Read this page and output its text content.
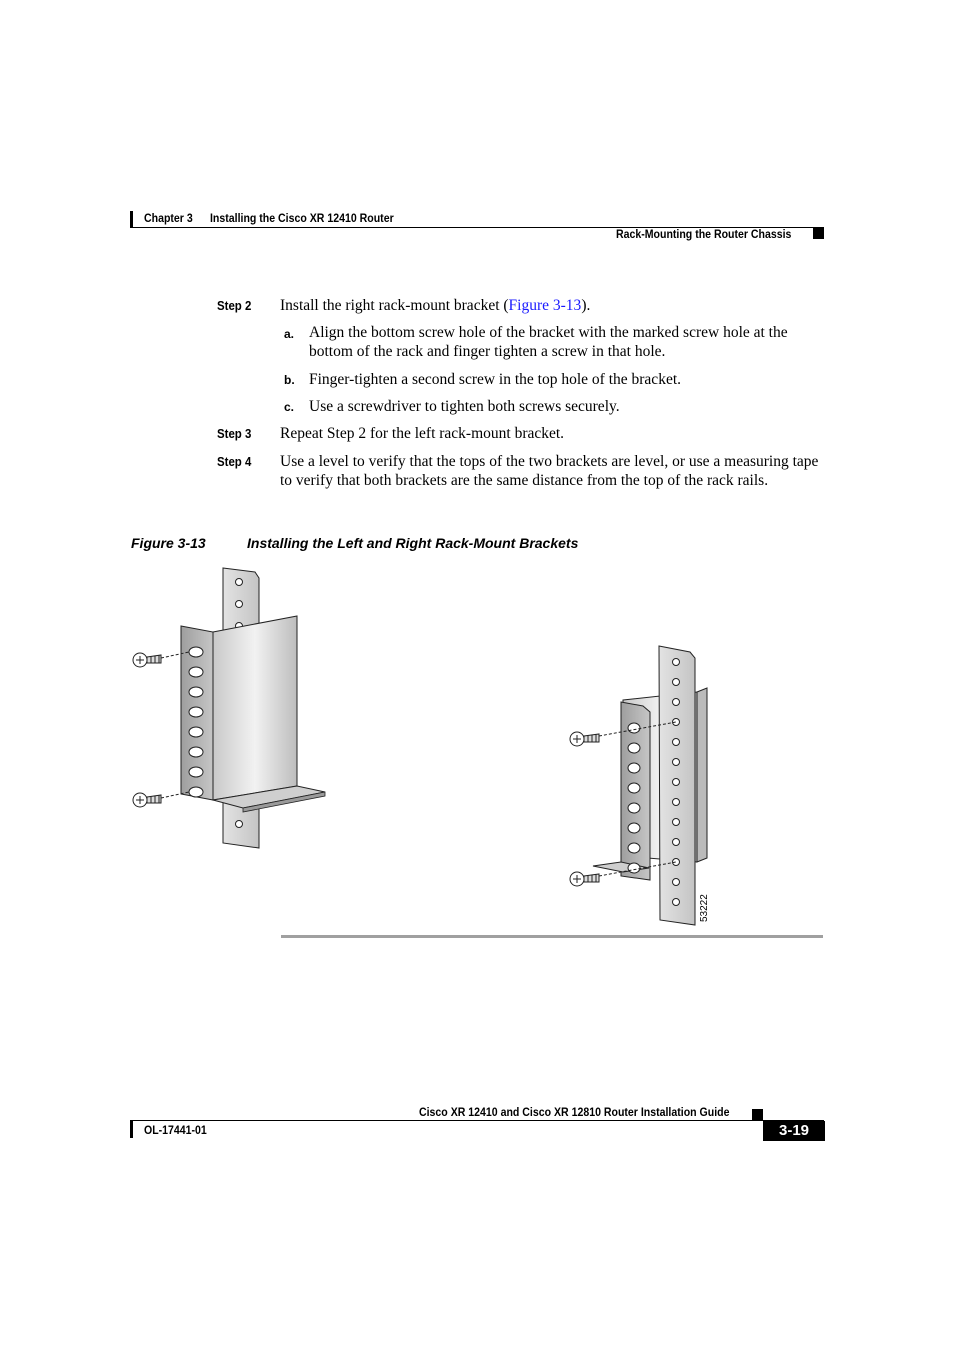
Chapter 3 Installing the Cisco XR 12410 Router
Rack-Mounting the Router Chassis
Step 2 Install the right rack-mount bracket (Figure 3-13).
a. Align the bottom screw hole of the bracket with the marked screw hole at the bottom of the rack and finger tighten a screw in that hole.
b. Finger-tighten a second screw in the top hole of the bracket.
c. Use a screwdriver to tighten both screws securely.
Step 3 Repeat Step 2 for the left rack-mount bracket.
Step 4 Use a level to verify that the tops of the two brackets are level, or use a measuring tape to verify that both brackets are the same distance from the top of the rack rails.
Figure 3-13	Installing the Left and Right Rack-Mount Brackets
53222
Cisco XR 12410 and Cisco XR 12810 Router Installation Guide
OL-17441-01	3-19
